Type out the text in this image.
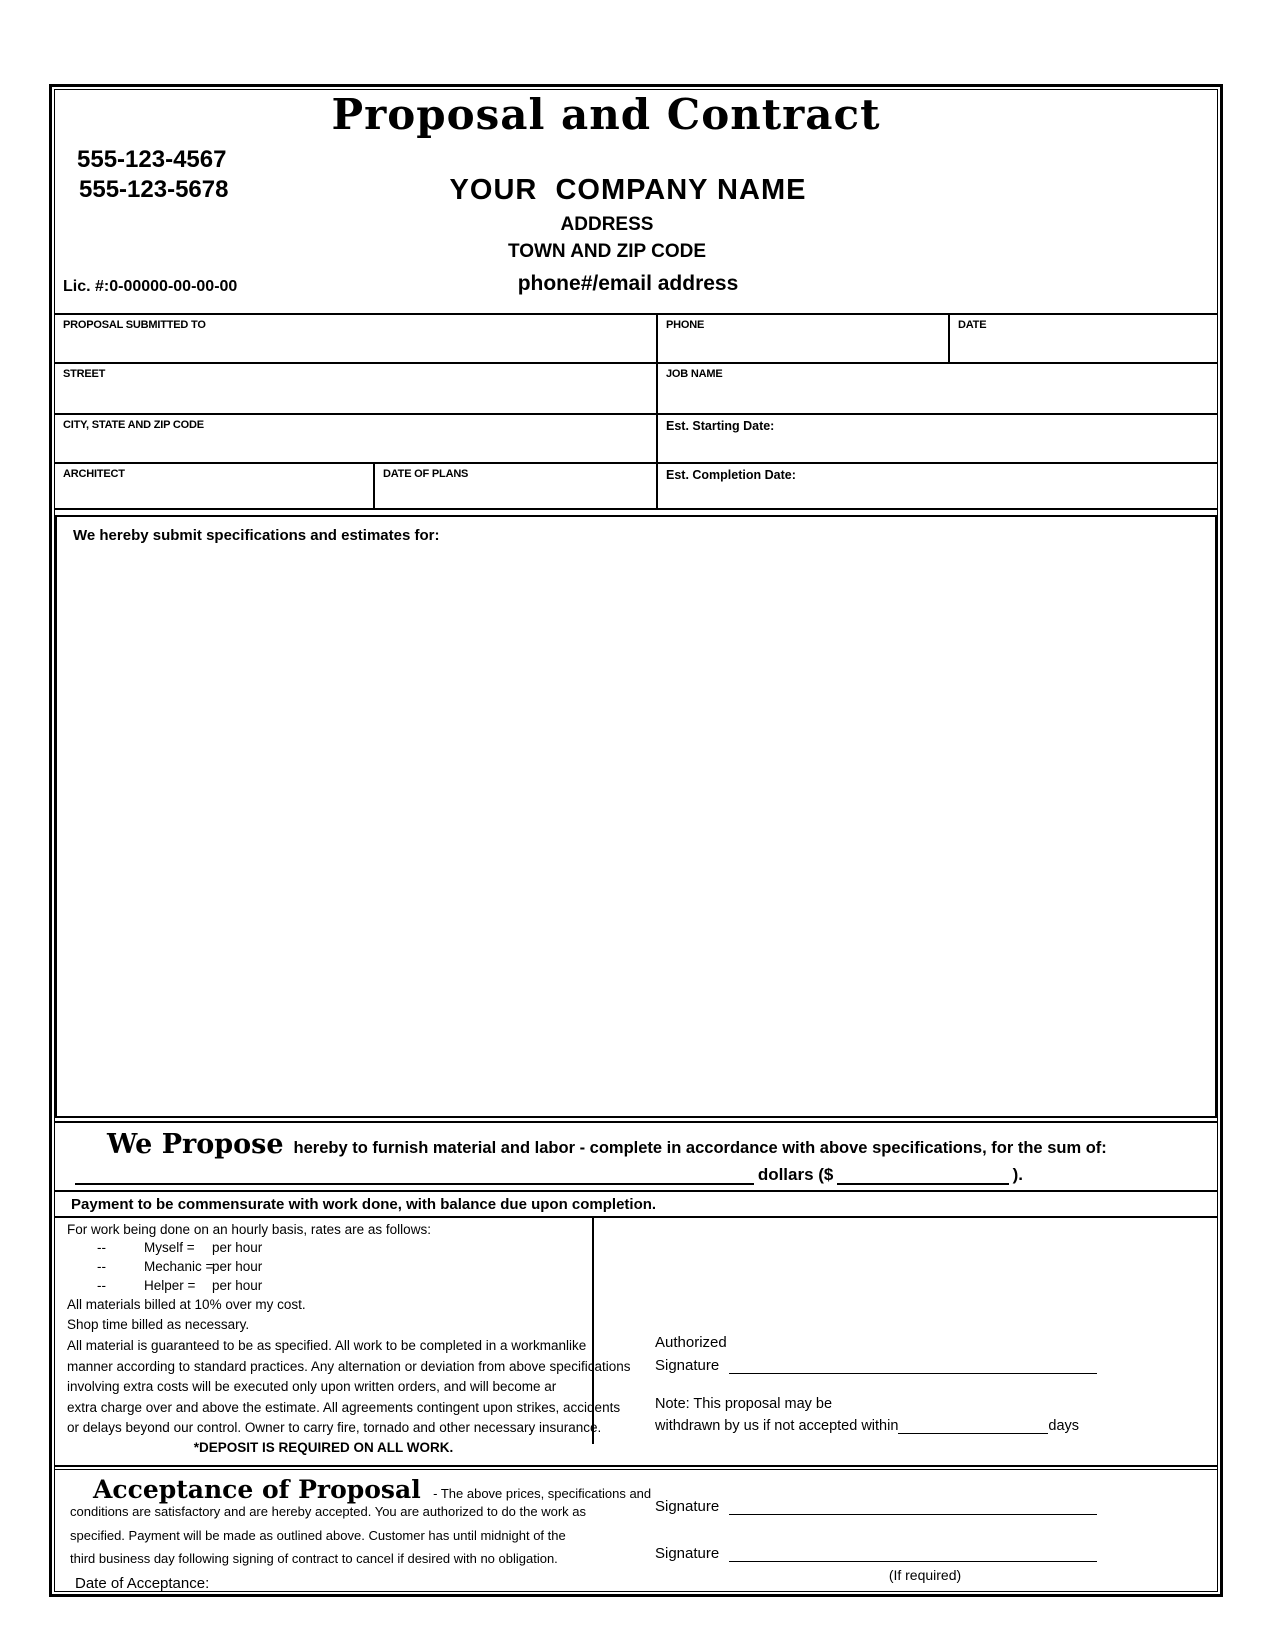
Proposal and Contract
555-123-4567
555-123-5678	YOUR  COMPANY NAME
ADDRESS
TOWN AND ZIP CODE
Lic. #:0-00000-00-00-00	phone#/email address
PROPOSAL SUBMITTED TO	PHONE	DATE
STREET	JOB NAME
CITY, STATE AND ZIP CODE	Est. Starting Date:
ARCHITECT	DATE OF PLANS	Est. Completion Date:
We hereby submit specifications and estimates for:
We Propose hereby to furnish material and labor - complete in accordance with above specifications, for the sum of:
dollars ($	).
Payment to be commensurate with work done, with balance due upon completion.
For work being done on an hourly basis, rates are as follows:
--	Myself = per hour
--	Mechanic =per hour
--	Helper = per hour
All materials billed at 10% over my cost.
Shop time billed as necessary.
All material is guaranteed to be as specified. All work to be completed in a workmanlike
manner according to standard practices. Any alternation or deviation from above specifications
involving extra costs will be executed only upon written orders, and will become ar
extra charge over and above the estimate. All agreements contingent upon strikes, accidents
or delays beyond our control. Owner to carry fire, tornado and other necessary insurance.
*DEPOSIT IS REQUIRED ON ALL WORK.
Authorized
Signature
Note: This proposal may be
withdrawn by us if not accepted within	days
Acceptance of Proposal - The above prices, specifications and
conditions are satisfactory and are hereby accepted. You are authorized to do the work as
specified. Payment will be made as outlined above. Customer has until midnight of the
third business day following signing of contract to cancel if desired with no obligation.
Signature
Signature
(If required)
Date of Acceptance:
